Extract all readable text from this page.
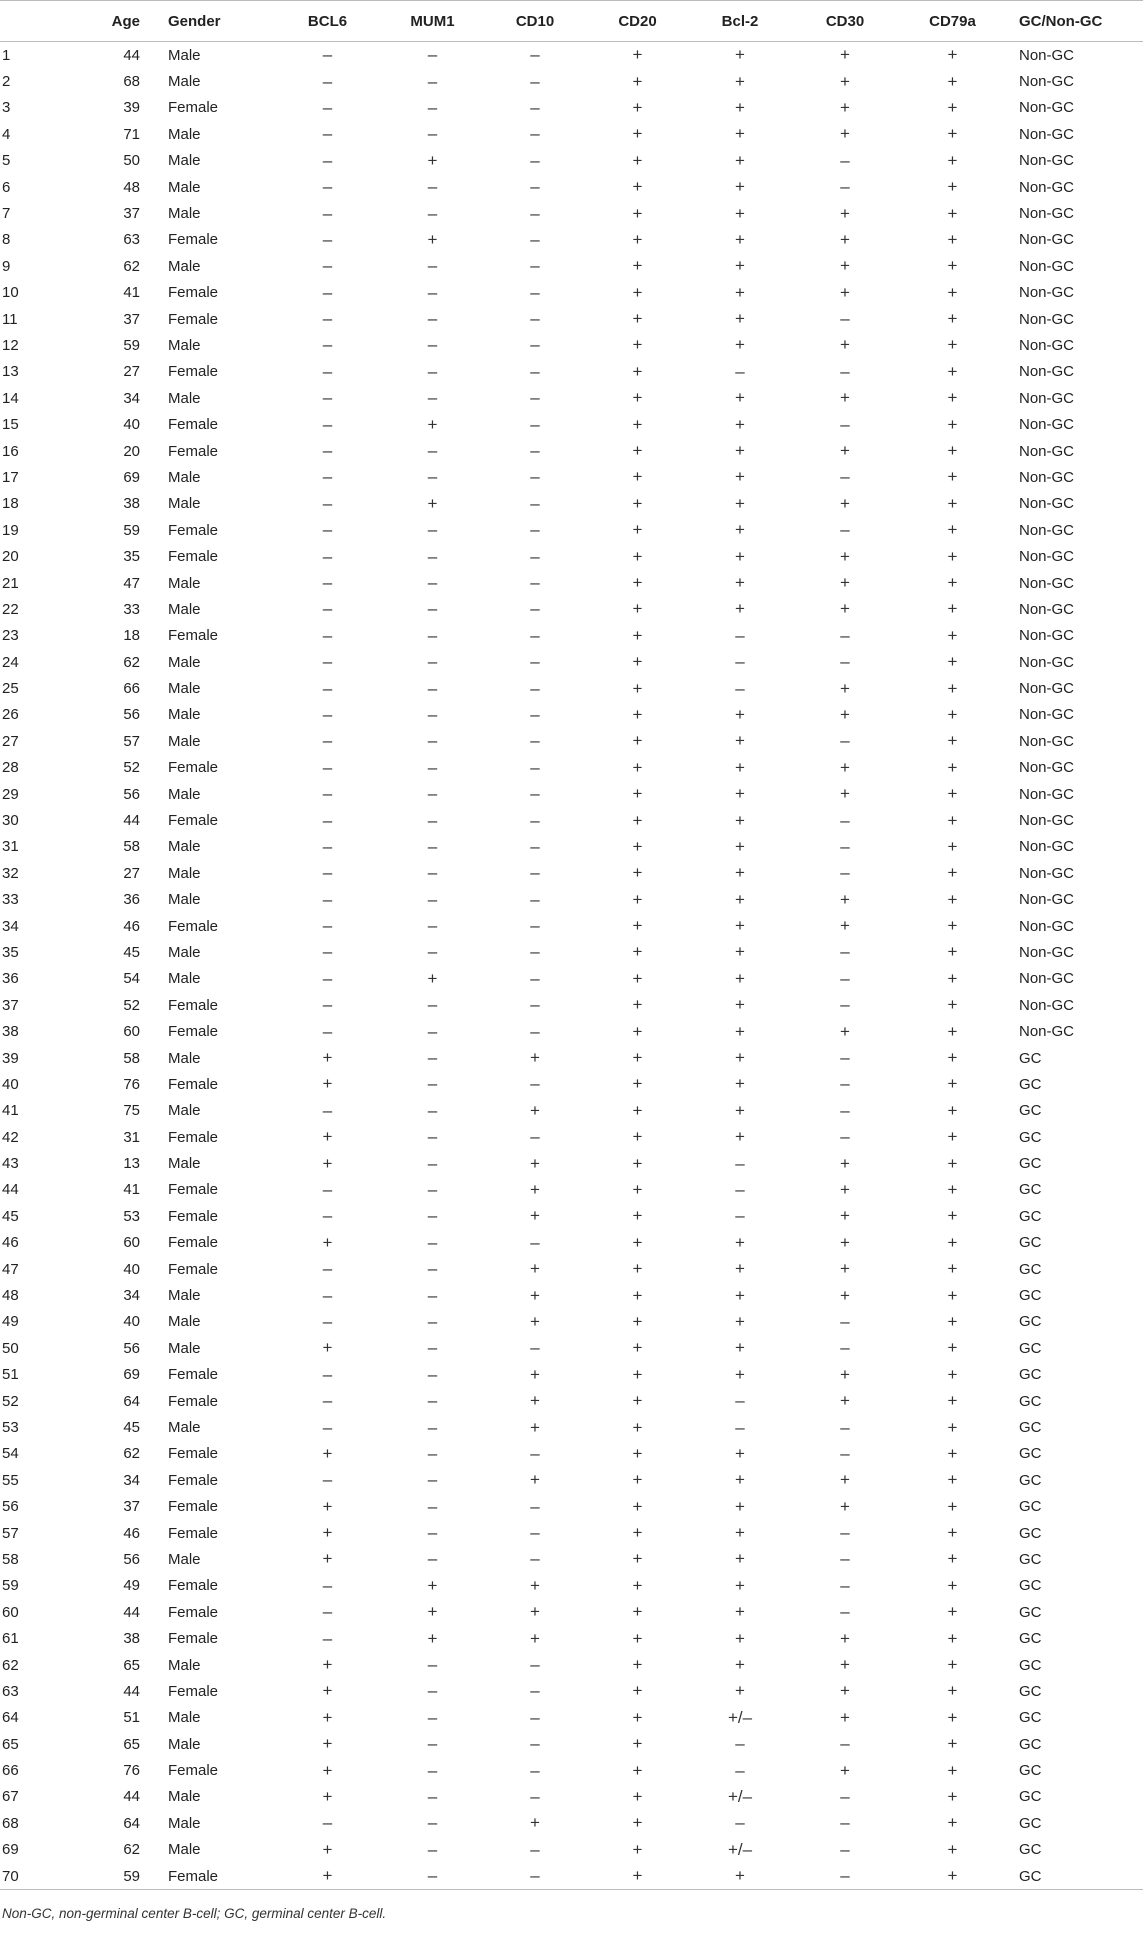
	Age	Gender	BCL6	MUM1	CD10	CD20	Bcl-2	CD30	CD79a	GC/Non-GC
1	44	Male	–	–	–	+	+	+	+	Non-GC
2	68	Male	–	–	–	+	+	+	+	Non-GC
3	39	Female	–	–	–	+	+	+	+	Non-GC
4	71	Male	–	–	–	+	+	+	+	Non-GC
5	50	Male	–	+	–	+	+	–	+	Non-GC
6	48	Male	–	–	–	+	+	–	+	Non-GC
7	37	Male	–	–	–	+	+	+	+	Non-GC
8	63	Female	–	+	–	+	+	+	+	Non-GC
9	62	Male	–	–	–	+	+	+	+	Non-GC
10	41	Female	–	–	–	+	+	+	+	Non-GC
11	37	Female	–	–	–	+	+	–	+	Non-GC
12	59	Male	–	–	–	+	+	+	+	Non-GC
13	27	Female	–	–	–	+	–	–	+	Non-GC
14	34	Male	–	–	–	+	+	+	+	Non-GC
15	40	Female	–	+	–	+	+	–	+	Non-GC
16	20	Female	–	–	–	+	+	+	+	Non-GC
17	69	Male	–	–	–	+	+	–	+	Non-GC
18	38	Male	–	+	–	+	+	+	+	Non-GC
19	59	Female	–	–	–	+	+	–	+	Non-GC
20	35	Female	–	–	–	+	+	+	+	Non-GC
21	47	Male	–	–	–	+	+	+	+	Non-GC
22	33	Male	–	–	–	+	+	+	+	Non-GC
23	18	Female	–	–	–	+	–	–	+	Non-GC
24	62	Male	–	–	–	+	–	–	+	Non-GC
25	66	Male	–	–	–	+	–	+	+	Non-GC
26	56	Male	–	–	–	+	+	+	+	Non-GC
27	57	Male	–	–	–	+	+	–	+	Non-GC
28	52	Female	–	–	–	+	+	+	+	Non-GC
29	56	Male	–	–	–	+	+	+	+	Non-GC
30	44	Female	–	–	–	+	+	–	+	Non-GC
31	58	Male	–	–	–	+	+	–	+	Non-GC
32	27	Male	–	–	–	+	+	–	+	Non-GC
33	36	Male	–	–	–	+	+	+	+	Non-GC
34	46	Female	–	–	–	+	+	+	+	Non-GC
35	45	Male	–	–	–	+	+	–	+	Non-GC
36	54	Male	–	+	–	+	+	–	+	Non-GC
37	52	Female	–	–	–	+	+	–	+	Non-GC
38	60	Female	–	–	–	+	+	+	+	Non-GC
39	58	Male	+	–	+	+	+	–	+	GC
40	76	Female	+	–	–	+	+	–	+	GC
41	75	Male	–	–	+	+	+	–	+	GC
42	31	Female	+	–	–	+	+	–	+	GC
43	13	Male	+	–	+	+	–	+	+	GC
44	41	Female	–	–	+	+	–	+	+	GC
45	53	Female	–	–	+	+	–	+	+	GC
46	60	Female	+	–	–	+	+	+	+	GC
47	40	Female	–	–	+	+	+	+	+	GC
48	34	Male	–	–	+	+	+	+	+	GC
49	40	Male	–	–	+	+	+	–	+	GC
50	56	Male	+	–	–	+	+	–	+	GC
51	69	Female	–	–	+	+	+	+	+	GC
52	64	Female	–	–	+	+	–	+	+	GC
53	45	Male	–	–	+	+	–	–	+	GC
54	62	Female	+	–	–	+	+	–	+	GC
55	34	Female	–	–	+	+	+	+	+	GC
56	37	Female	+	–	–	+	+	+	+	GC
57	46	Female	+	–	–	+	+	–	+	GC
58	56	Male	+	–	–	+	+	–	+	GC
59	49	Female	–	+	+	+	+	–	+	GC
60	44	Female	–	+	+	+	+	–	+	GC
61	38	Female	–	+	+	+	+	+	+	GC
62	65	Male	+	–	–	+	+	+	+	GC
63	44	Female	+	–	–	+	+	+	+	GC
64	51	Male	+	–	–	+	+/–	+	+	GC
65	65	Male	+	–	–	+	–	–	+	GC
66	76	Female	+	–	–	+	–	+	+	GC
67	44	Male	+	–	–	+	+/–	–	+	GC
68	64	Male	–	–	+	+	–	–	+	GC
69	62	Male	+	–	–	+	+/–	–	+	GC
70	59	Female	+	–	–	+	+	–	+	GC
Non-GC, non-germinal center B-cell; GC, germinal center B-cell.
